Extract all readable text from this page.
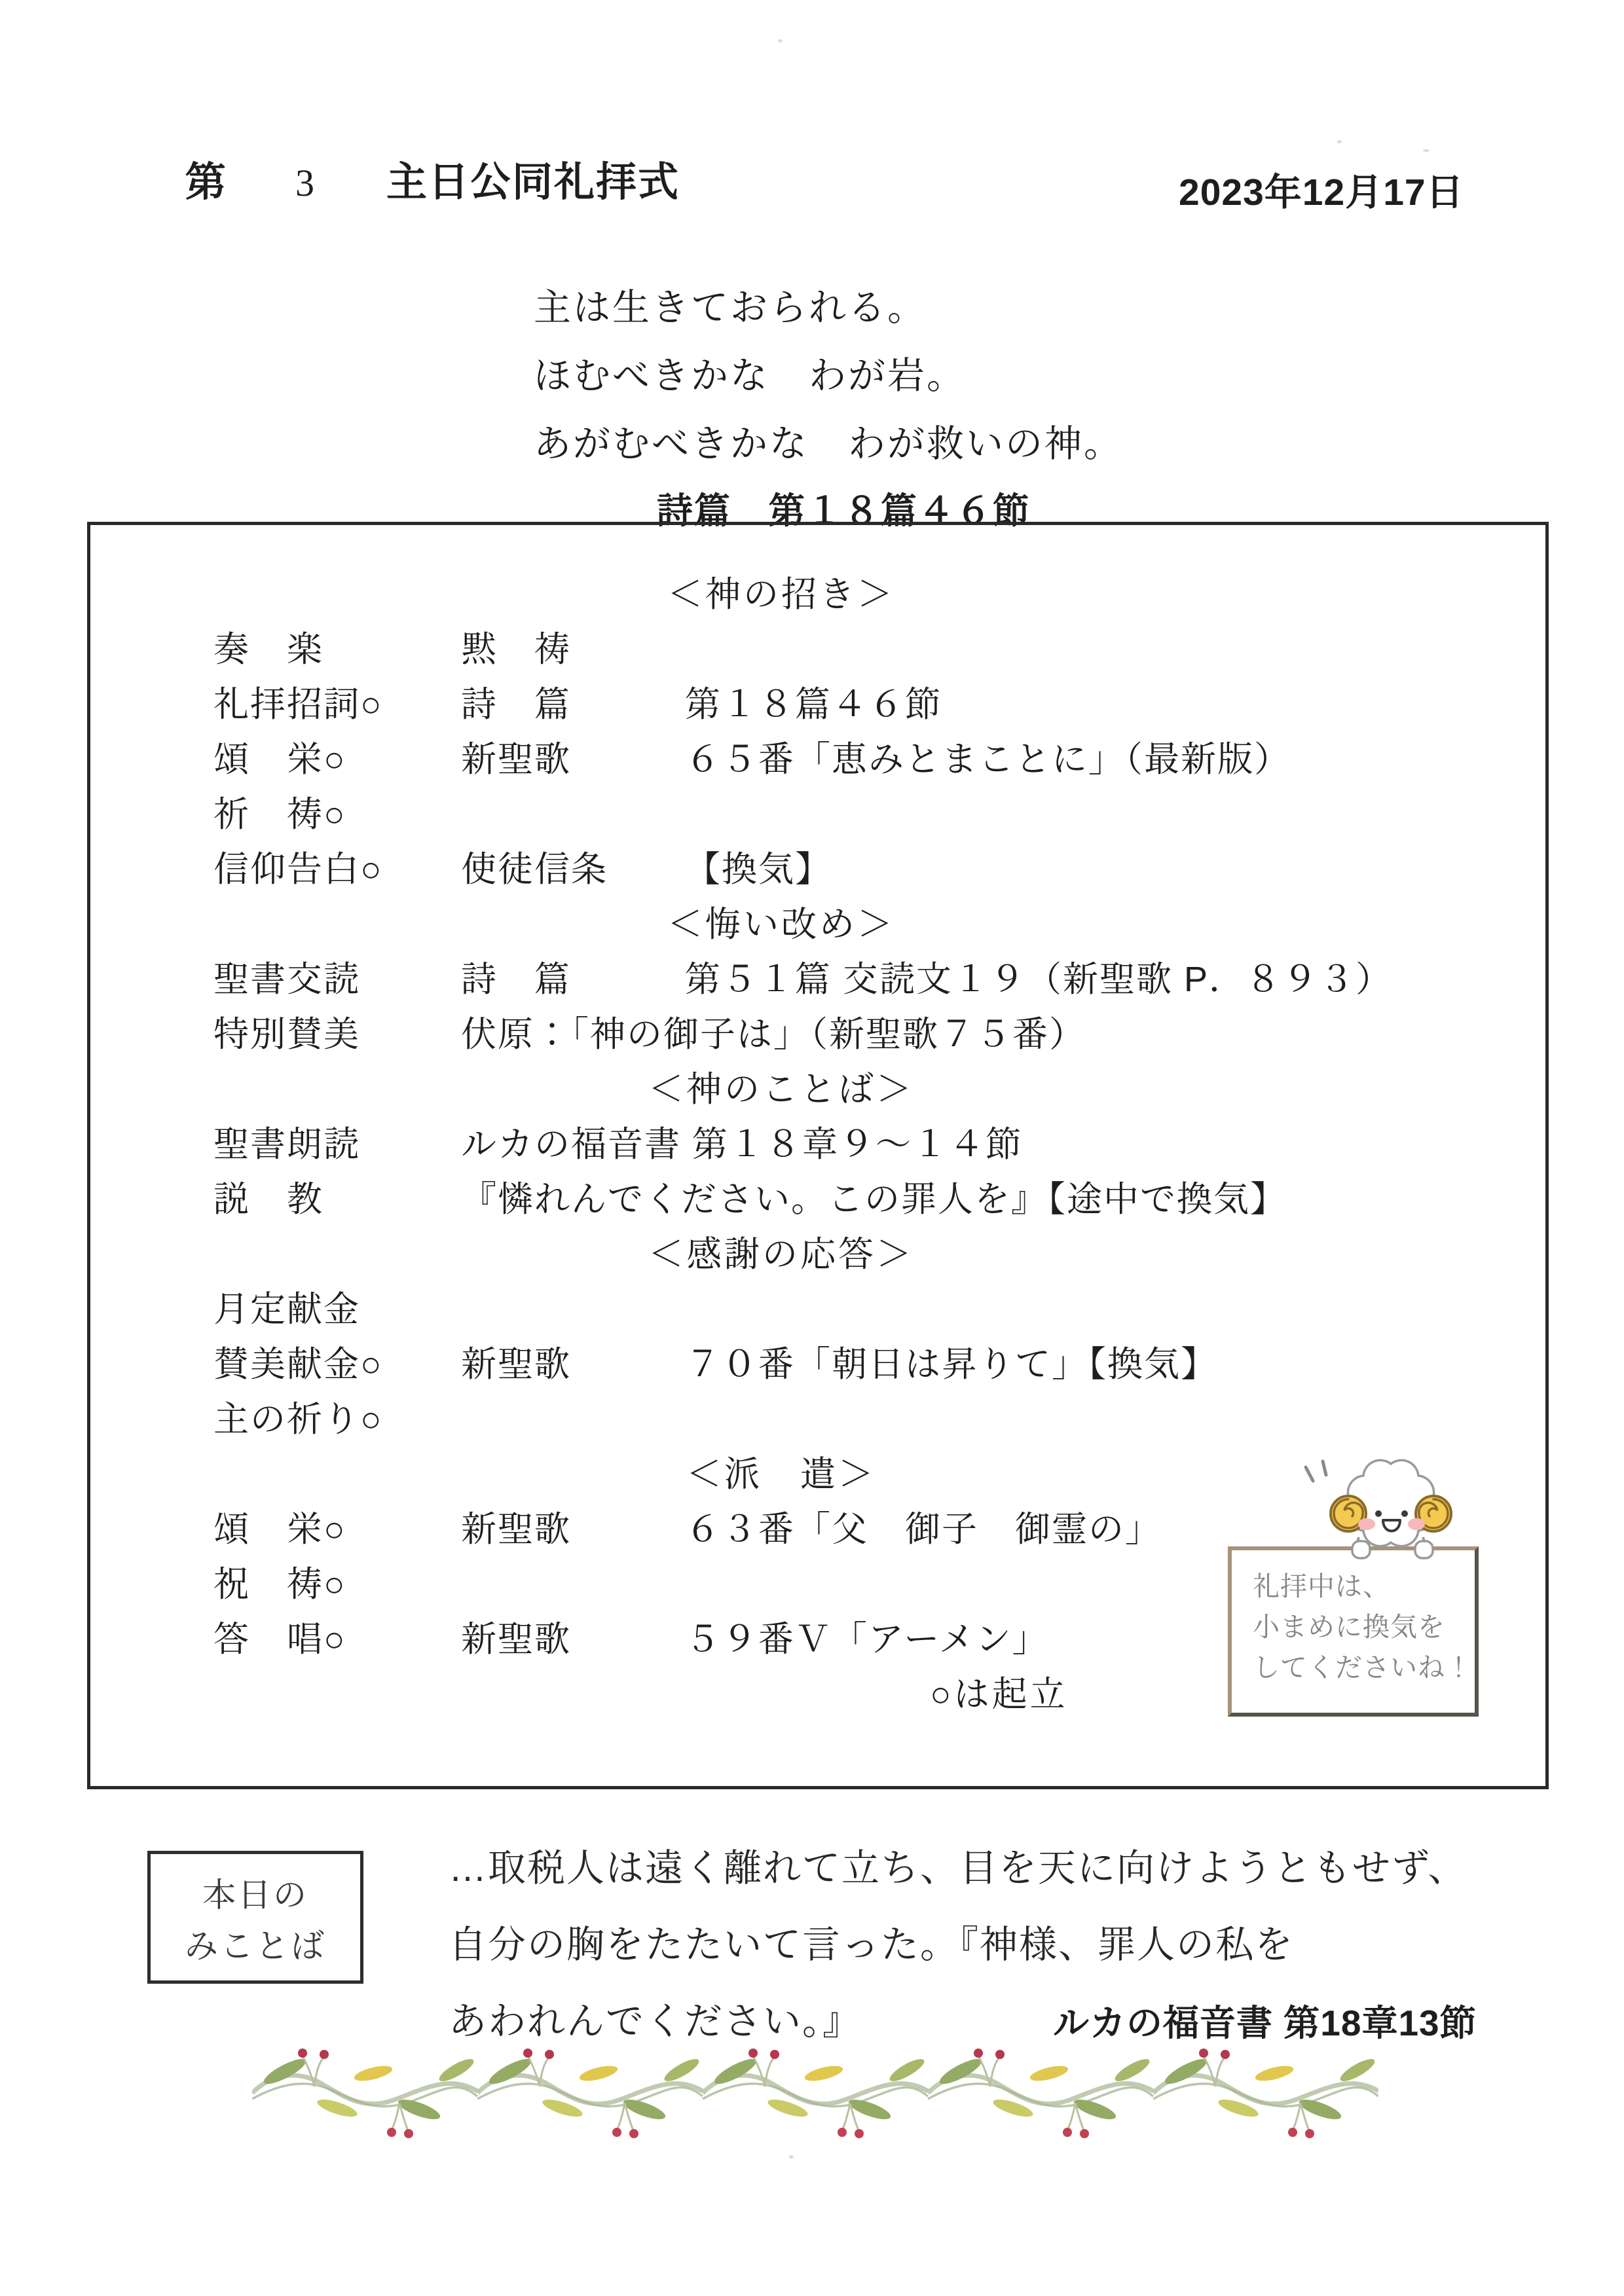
第 3 主日公同礼拝式	2023年12月17日
主は生きておられる。
ほむべきかな　わが岩。
あがむべきかな　わが救いの神。
詩篇　第１８篇４６節
＜神の招き＞
奏　楽	黙　祷
礼拝招詞○	詩　篇	第１８篇４６節
頌　栄○	新聖歌	６５番「恵みとまことに」（最新版）
祈　祷○
信仰告白○	使徒信条	【換気】
＜悔い改め＞
聖書交読	詩　篇	第５１篇 交読文１９（新聖歌 P．８９３）
特別賛美	伏原：「神の御子は」（新聖歌７５番）
＜神のことば＞
聖書朗読	ルカの福音書 第１８章９～１４節
説　教	『憐れんでください。この罪人を』【途中で換気】
＜感謝の応答＞
月定献金
賛美献金○	新聖歌	７０番「朝日は昇りて」【換気】
主の祈り○
＜派　遣＞
頌　栄○	新聖歌	６３番「父　御子　御霊の」
祝　祷○
答　唱○	新聖歌	５９番Ｖ「アーメン」
○は起立
礼拝中は、
小まめに換気を
してくださいね！
本日の
みことば
…取税人は遠く離れて立ち、目を天に向けようともせず、
自分の胸をたたいて言った。『神様、罪人の私を
あわれんでください。』	ルカの福音書 第18章13節
